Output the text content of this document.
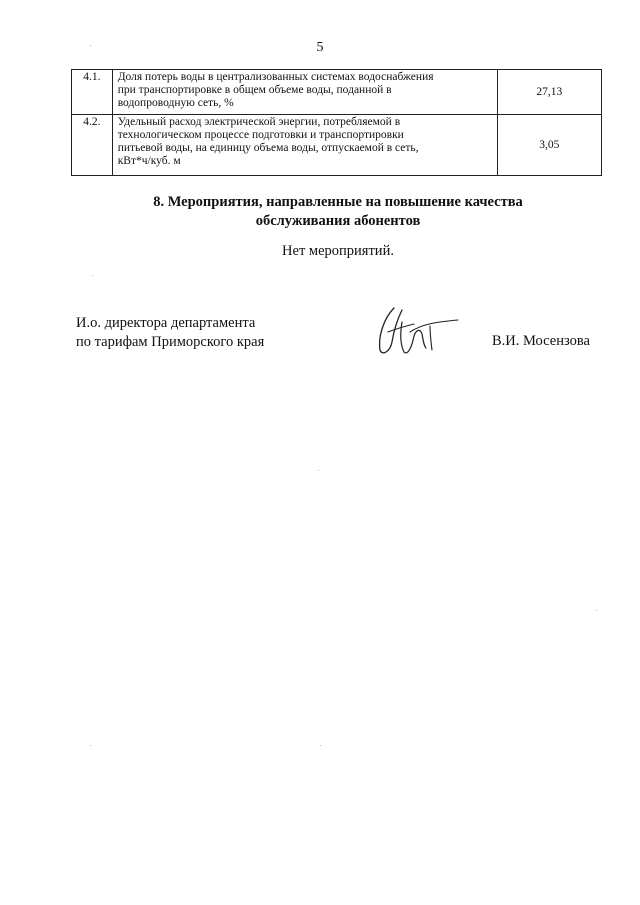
5
4.1.	Доля потерь воды в централизованных системах водоснабжения
при транспортировке в общем объеме воды, поданной в
водопроводную сеть, %	27,13
4.2.	Удельный расход электрической энергии, потребляемой в
технологическом процессе подготовки и транспортировки
питьевой воды, на единицу объема воды, отпускаемой в сеть,
кВт*ч/куб. м	3,05
8. Мероприятия, направленные на повышение качества
обслуживания абонентов
Нет мероприятий.
И.о. директора департамента
по тарифам Приморского края	В.И. Мосензова
